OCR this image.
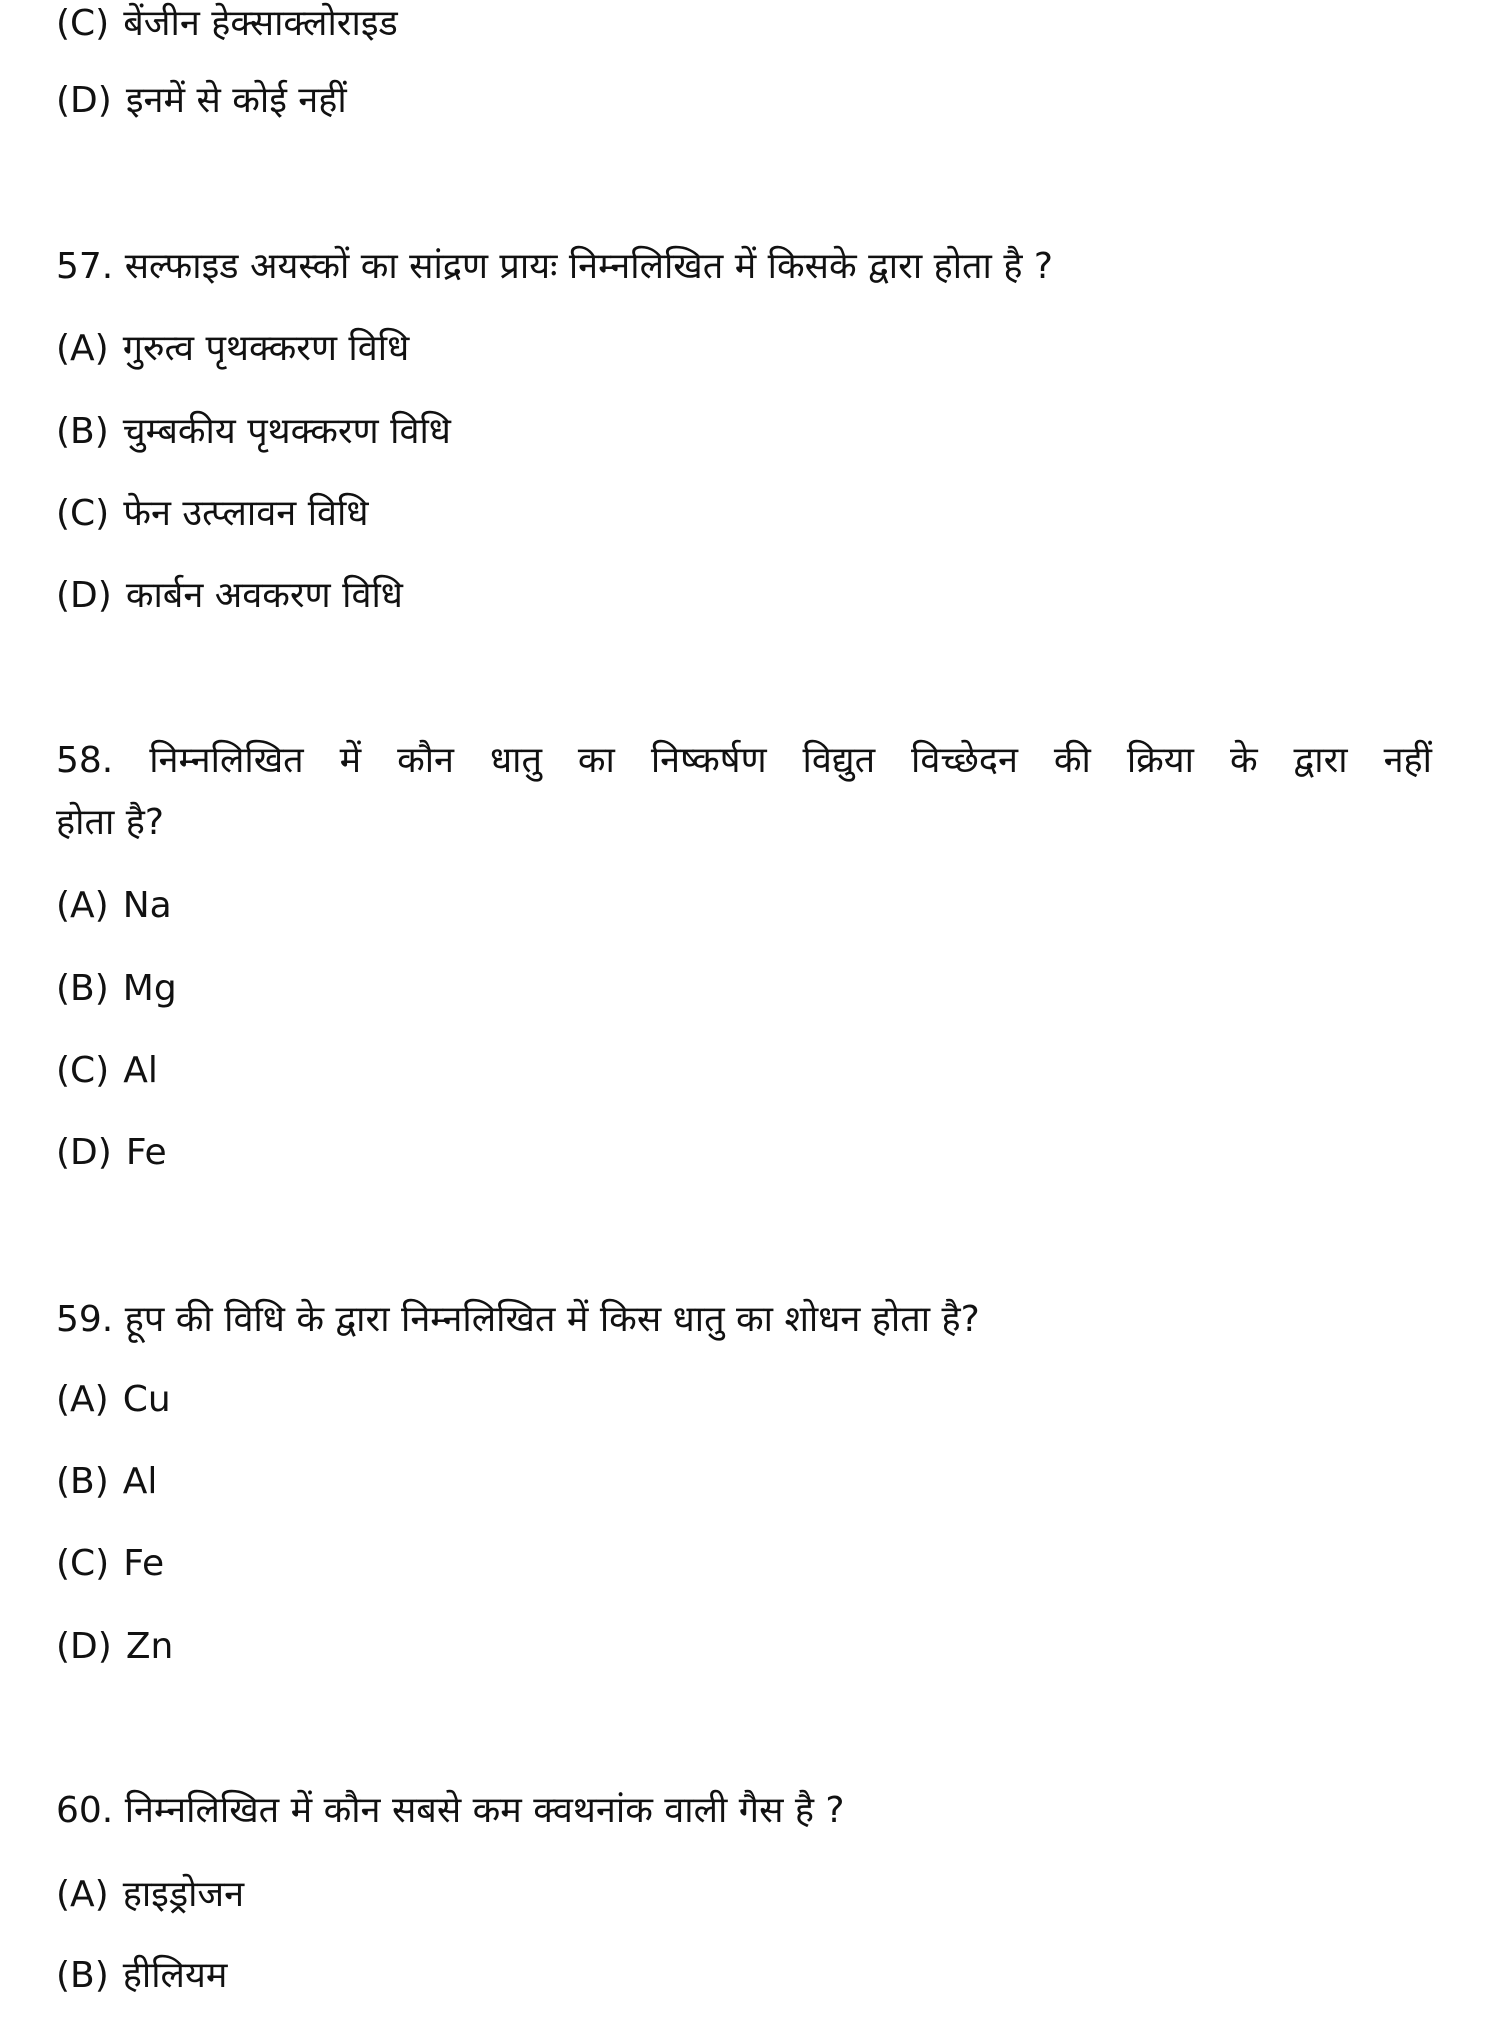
(C) बेंजीन हेक्साक्लोराइड
(D) इनमें से कोई नहीं
57. सल्फाइड अयस्कों का सांद्रण प्रायः निम्नलिखित में किसके द्वारा होता है ?
(A) गुरुत्व पृथक्करण विधि
(B) चुम्बकीय पृथक्करण विधि
(C) फेन उत्प्लावन विधि
(D) कार्बन अवकरण विधि
58. निम्नलिखित में कौन धातु का निष्कर्षण विद्युत विच्छेदन की क्रिया के द्वारा नहीं
होता है?
(A) Na
(B) Mg
(C) Al
(D) Fe
59. हूप की विधि के द्वारा निम्नलिखित में किस धातु का शोधन होता है?
(A) Cu
(B) Al
(C) Fe
(D) Zn
60. निम्नलिखित में कौन सबसे कम क्वथनांक वाली गैस है ?
(A) हाइड्रोजन
(B) हीलियम
